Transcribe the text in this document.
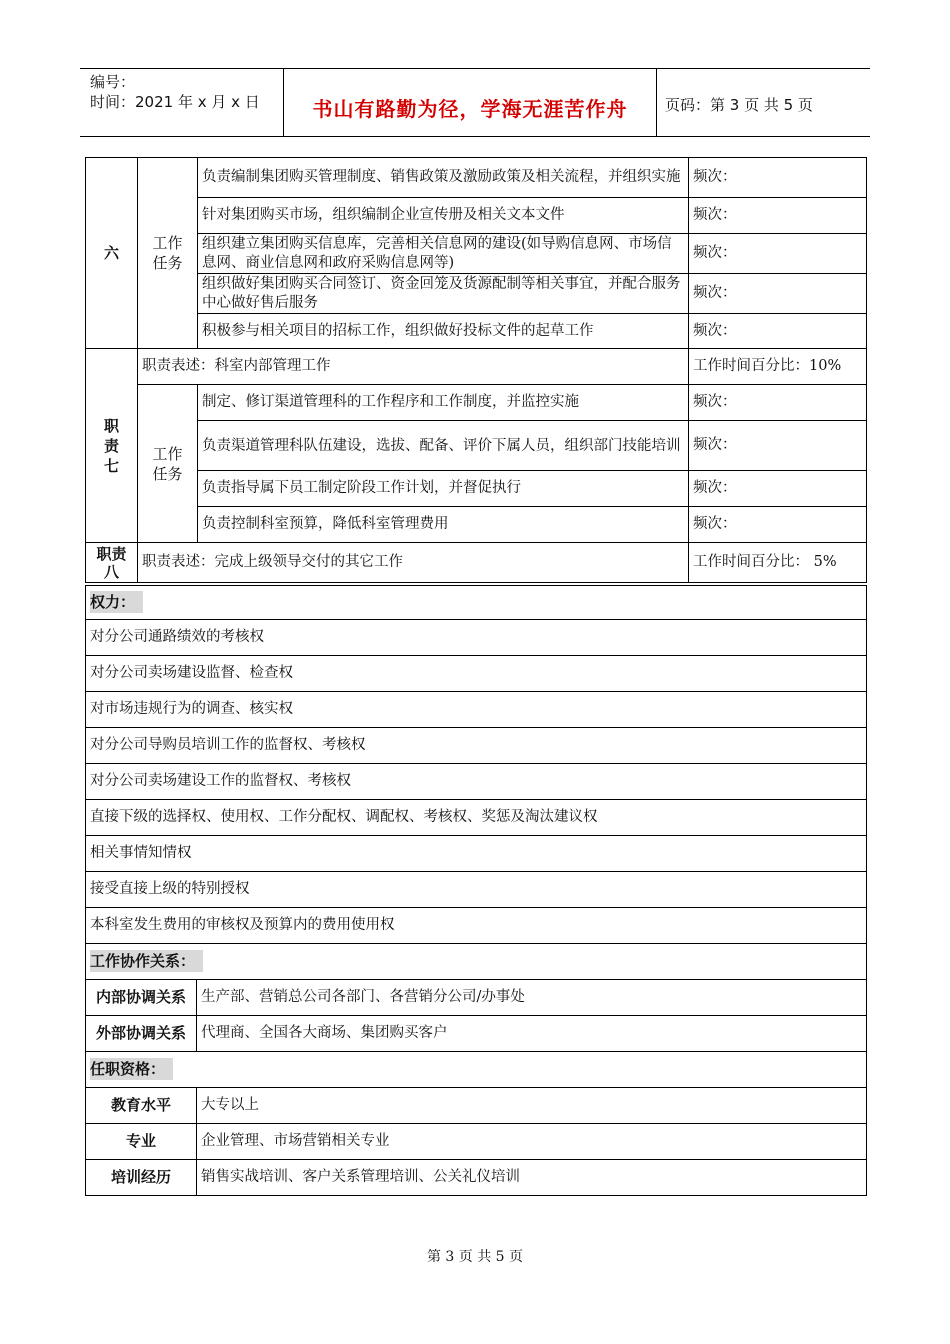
编号：
时间：2021 年 x 月 x 日	书山有路勤为径，学海无涯苦作舟	页码：第 3 页 共 5 页
六	工作任务	负责编制集团购买管理制度、销售政策及激励政策及相关流程，并组织实施	频次：
		针对集团购买市场，组织编制企业宣传册及相关文本文件	频次：
		组织建立集团购买信息库，完善相关信息网的建设(如导购信息网、市场信息网、商业信息网和政府采购信息网等)	频次：
		组织做好集团购买合同签订、资金回笼及货源配制等相关事宜，并配合服务中心做好售后服务	频次：
		积极参与相关项目的招标工作，组织做好投标文件的起草工作	频次：
职责七	职责表述：科室内部管理工作		工作时间百分比：10%
	工作任务	制定、修订渠道管理科的工作程序和工作制度，并监控实施	频次：
		负责渠道管理科队伍建设，选拔、配备、评价下属人员，组织部门技能培训	频次：
		负责指导属下员工制定阶段工作计划，并督促执行	频次：
		负责控制科室预算，降低科室管理费用	频次：
职责八	职责表述：完成上级领导交付的其它工作		工作时间百分比： 5%
权力：	
对分公司通路绩效的考核权	
对分公司卖场建设监督、检查权	
对市场违规行为的调查、核实权	
对分公司导购员培训工作的监督权、考核权	
对分公司卖场建设工作的监督权、考核权	
直接下级的选择权、使用权、工作分配权、调配权、考核权、奖惩及淘汰建议权	
相关事情知情权	
接受直接上级的特别授权	
本科室发生费用的审核权及预算内的费用使用权	
工作协作关系：	
内部协调关系	生产部、营销总公司各部门、各营销分公司/办事处
外部协调关系	代理商、全国各大商场、集团购买客户
任职资格：	
教育水平	大专以上
专业	企业管理、市场营销相关专业
培训经历	销售实战培训、客户关系管理培训、公关礼仪培训
第 3 页 共 5 页
